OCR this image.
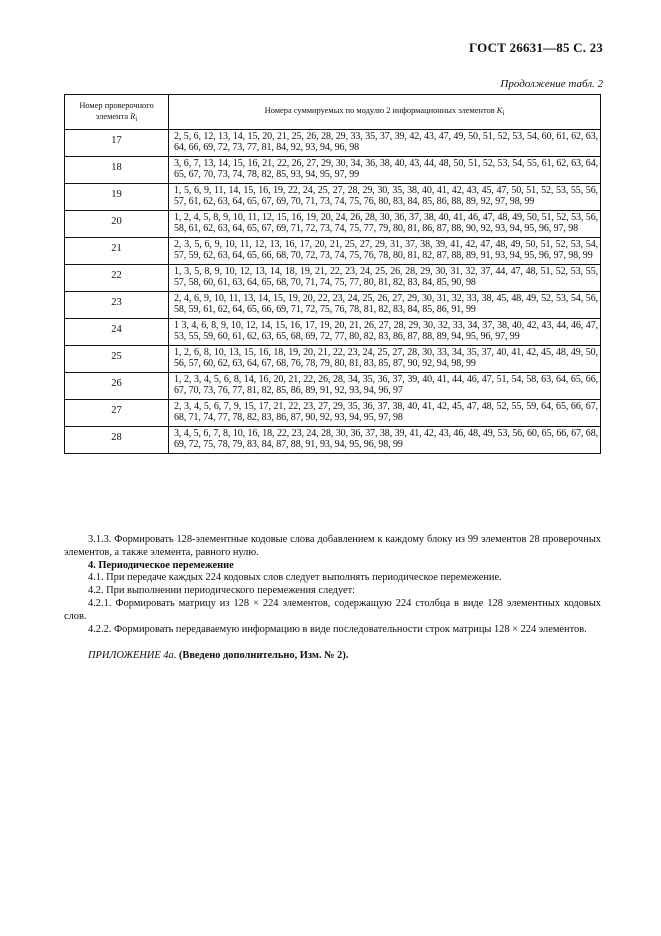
ГОСТ 26631—85 С. 23
Продолжение табл. 2
Номер проверочного элемента $R_i$	Номера суммируемых по модулю 2 информационных элементов $K_i$
17	2, 5, 6, 12, 13, 14, 15, 20, 21, 25, 26, 28, 29, 33, 35, 37, 39, 42, 43, 47, 49, 50, 51, 52, 53, 54, 60, 61, 62, 63, 64, 66, 69, 72, 73, 77, 81, 84, 92, 93, 94, 96, 98
18	3, 6, 7, 13, 14, 15, 16, 21, 22, 26, 27, 29, 30, 34, 36, 38, 40, 43, 44, 48, 50, 51, 52, 53, 54, 55, 61, 62, 63, 64, 65, 67, 70, 73, 74, 78, 82, 85, 93, 94, 95, 97, 99
19	1, 5, 6, 9, 11, 14, 15, 16, 19, 22, 24, 25, 27, 28, 29, 30, 35, 38, 40, 41, 42, 43, 45, 47, 50, 51, 52, 53, 55, 56, 57, 61, 62, 63, 64, 65, 67, 69, 70, 71, 73, 74, 75, 76, 80, 83, 84, 85, 86, 88, 89, 92, 97, 98, 99
20	1, 2, 4, 5, 8, 9, 10, 11, 12, 15, 16, 19, 20, 24, 26, 28, 30, 36, 37, 38, 40, 41, 46, 47, 48, 49, 50, 51, 52, 53, 56, 58, 61, 62, 63, 64, 65, 67, 69, 71, 72, 73, 74, 75, 77, 79, 80, 81, 86, 87, 88, 90, 92, 93, 94, 95, 96, 97, 98
21	2, 3, 5, 6, 9, 10, 11, 12, 13, 16, 17, 20, 21, 25, 27, 29, 31, 37, 38, 39, 41, 42, 47, 48, 49, 50, 51, 52, 53, 54, 57, 59, 62, 63, 64, 65, 66, 68, 70, 72, 73, 74, 75, 76, 78, 80, 81, 82, 87, 88, 89, 91, 93, 94, 95, 96, 97, 98, 99
22	1, 3, 5, 8, 9, 10, 12, 13, 14, 18, 19, 21, 22, 23, 24, 25, 26, 28, 29, 30, 31, 32, 37, 44, 47, 48, 51, 52, 53, 55, 57, 58, 60, 61, 63, 64, 65, 68, 70, 71, 74, 75, 77, 80, 81, 82, 83, 84, 85, 90, 98
23	2, 4, 6, 9, 10, 11, 13, 14, 15, 19, 20, 22, 23, 24, 25, 26, 27, 29, 30, 31, 32, 33, 38, 45, 48, 49, 52, 53, 54, 56, 58, 59, 61, 62, 64, 65, 66, 69, 71, 72, 75, 76, 78, 81, 82, 83, 84, 85, 86, 91, 99
24	1 3, 4, 6, 8, 9, 10, 12, 14, 15, 16, 17, 19, 20, 21, 26, 27, 28, 29, 30, 32, 33, 34, 37, 38, 40, 42, 43, 44, 46, 47, 53, 55, 59, 60, 61, 62, 63, 65, 68, 69, 72, 77, 80, 82, 83, 86, 87, 88, 89, 94, 95, 96, 97, 99
25	1, 2, 6, 8, 10, 13, 15, 16, 18, 19, 20, 21, 22, 23, 24, 25, 27, 28, 30, 33, 34, 35, 37, 40, 41, 42, 45, 48, 49, 50, 56, 57, 60, 62, 63, 64, 67, 68, 76, 78, 79, 80, 81, 83, 85, 87, 90, 92, 94, 98, 99
26	1, 2, 3, 4, 5, 6, 8, 14, 16, 20, 21, 22, 26, 28, 34, 35, 36, 37, 39, 40, 41, 44, 46, 47, 51, 54, 58, 63, 64, 65, 66, 67, 70, 73, 76, 77, 81, 82, 85, 86, 89, 91, 92, 93, 94, 96, 97
27	2, 3, 4, 5, 6, 7, 9, 15, 17, 21, 22, 23, 27, 29, 35, 36, 37, 38, 40, 41, 42, 45, 47, 48, 52, 55, 59, 64, 65, 66, 67, 68, 71, 74, 77, 78, 82, 83, 86, 87, 90, 92, 93, 94, 95, 97, 98
28	3, 4, 5, 6, 7, 8, 10, 16, 18, 22, 23, 24, 28, 30, 36, 37, 38, 39, 41, 42, 43, 46, 48, 49, 53, 56, 60, 65, 66, 67, 68, 69, 72, 75, 78, 79, 83, 84, 87, 88, 91, 93, 94, 95, 96, 98, 99

3.1.3. Формировать 128-элементные кодовые слова добавлением к каждому блоку из 99 элементов 28 проверочных элементов, а также элемента, равного нулю.

4. Периодическое перемежение

4.1. При передаче каждых 224 кодовых слов следует выполнять периодическое перемежение.

4.2. При выполнении периодического перемежения следует:

4.2.1. Формировать матрицу из 128 × 224 элементов, содержащую 224 столбца в виде 128 элементных кодовых слов.

4.2.2. Формировать передаваемую информацию в виде последовательности строк матрицы 128 × 224 элементов.

ПРИЛОЖЕНИЕ 4а. (Введено дополнительно, Изм. № 2).
